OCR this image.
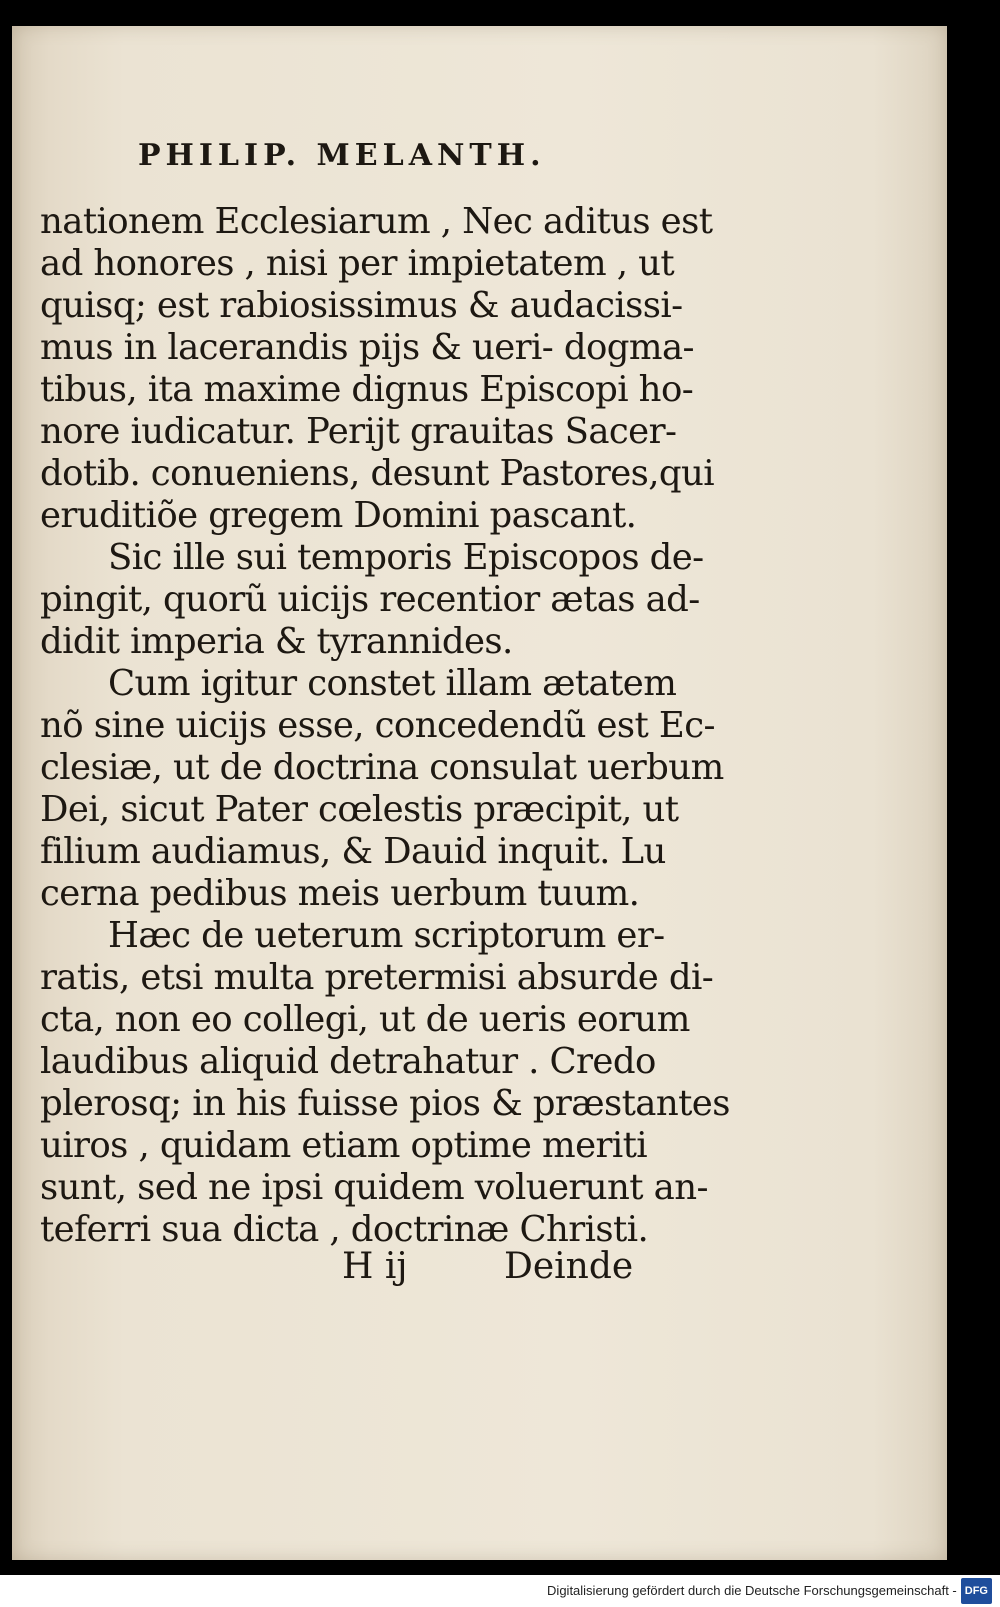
PHILIP. MELANTH.
nationem Ecclesiarum , Nec aditus est
ad honores , nisi per impietatem , ut
quisq; est rabiosissimus & audacissi-
mus in lacerandis pijs & ueri- dogma-
tibus, ita maxime dignus Episcopi ho-
nore iudicatur. Perijt grauitas Sacer-
dotib. conueniens, desunt Pastores,qui
eruditiõe gregem Domini pascant.
Sic ille sui temporis Episcopos de-
pingit, quorũ uicijs recentior ætas ad-
didit imperia & tyrannides.
Cum igitur constet illam ætatem
nõ sine uicijs esse, concedendũ est Ec-
clesiæ, ut de doctrina consulat uerbum
Dei, sicut Pater cœlestis præcipit, ut
filium audiamus, & Dauid inquit. Lu
cerna pedibus meis uerbum tuum.
Hæc de ueterum scriptorum er-
ratis, etsi multa pretermisi absurde di-
cta, non eo collegi, ut de ueris eorum
laudibus aliquid detrahatur . Credo
plerosq; in his fuisse pios & præstantes
uiros , quidam etiam optime meriti
sunt, sed ne ipsi quidem voluerunt an-
teferri sua dicta , doctrinæ Christi.
H ij	Deinde
Digitalisierung gefördert durch die Deutsche Forschungsgemeinschaft - DFG
